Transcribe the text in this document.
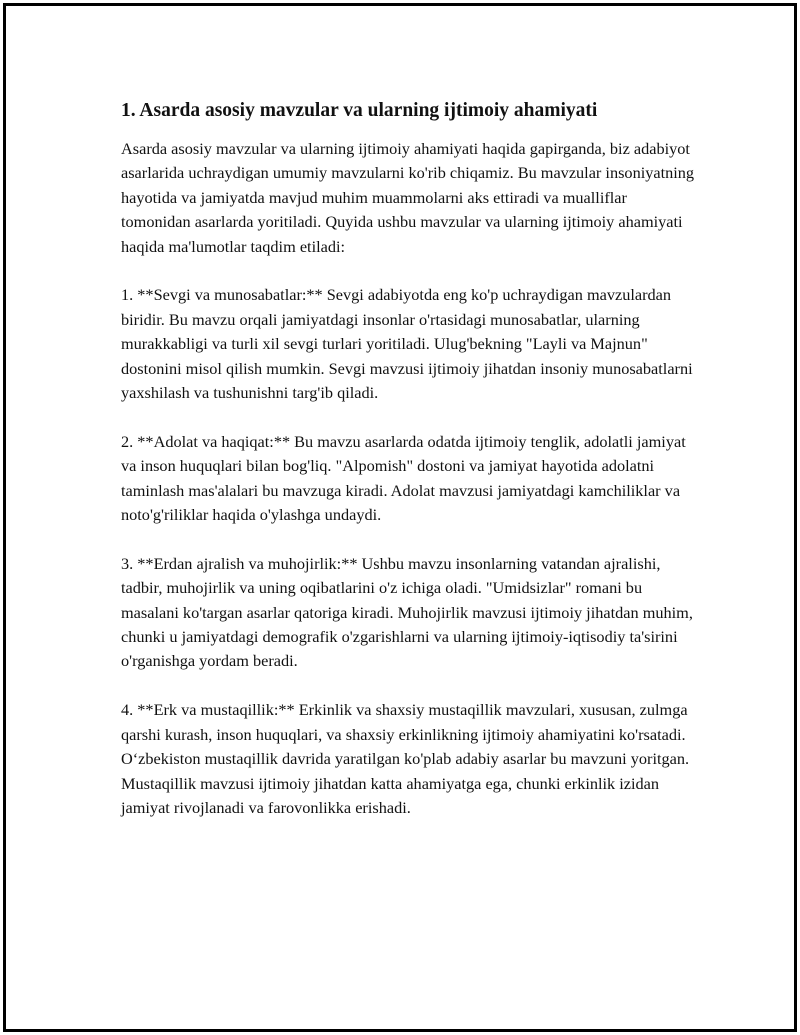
1. Asarda asosiy mavzular va ularning ijtimoiy ahamiyati

Asarda asosiy mavzular va ularning ijtimoiy ahamiyati haqida gapirganda, biz adabiyot asarlarida uchraydigan umumiy mavzularni ko'rib chiqamiz. Bu mavzular insoniyatning hayotida va jamiyatda mavjud muhim muammolarni aks ettiradi va mualliflar tomonidan asarlarda yoritiladi. Quyida ushbu mavzular va ularning ijtimoiy ahamiyati haqida ma'lumotlar taqdim etiladi:

1. **Sevgi va munosabatlar:** Sevgi adabiyotda eng ko'p uchraydigan mavzulardan biridir. Bu mavzu orqali jamiyatdagi insonlar o'rtasidagi munosabatlar, ularning murakkabligi va turli xil sevgi turlari yoritiladi. Ulug'bekning "Layli va Majnun" dostonini misol qilish mumkin. Sevgi mavzusi ijtimoiy jihatdan insoniy munosabatlarni yaxshilash va tushunishni targ'ib qiladi.

2. **Adolat va haqiqat:** Bu mavzu asarlarda odatda ijtimoiy tenglik, adolatli jamiyat va inson huquqlari bilan bog'liq. "Alpomish" dostoni va jamiyat hayotida adolatni taminlash mas'alalari bu mavzuga kiradi. Adolat mavzusi jamiyatdagi kamchiliklar va noto'g'riliklar haqida o'ylashga undaydi.

3. **Erdan ajralish va muhojirlik:** Ushbu mavzu insonlarning vatandan ajralishi, tadbir, muhojirlik va uning oqibatlarini o'z ichiga oladi. "Umidsizlar" romani bu masalani ko'targan asarlar qatoriga kiradi. Muhojirlik mavzusi ijtimoiy jihatdan muhim, chunki u jamiyatdagi demografik o'zgarishlarni va ularning ijtimoiy-iqtisodiy ta'sirini o'rganishga yordam beradi.

4. **Erk va mustaqillik:** Erkinlik va shaxsiy mustaqillik mavzulari, xususan, zulmga qarshi kurash, inson huquqlari, va shaxsiy erkinlikning ijtimoiy ahamiyatini ko'rsatadi. O‘zbekiston mustaqillik davrida yaratilgan ko'plab adabiy asarlar bu mavzuni yoritgan. Mustaqillik mavzusi ijtimoiy jihatdan katta ahamiyatga ega, chunki erkinlik izidan jamiyat rivojlanadi va farovonlikka erishadi.
